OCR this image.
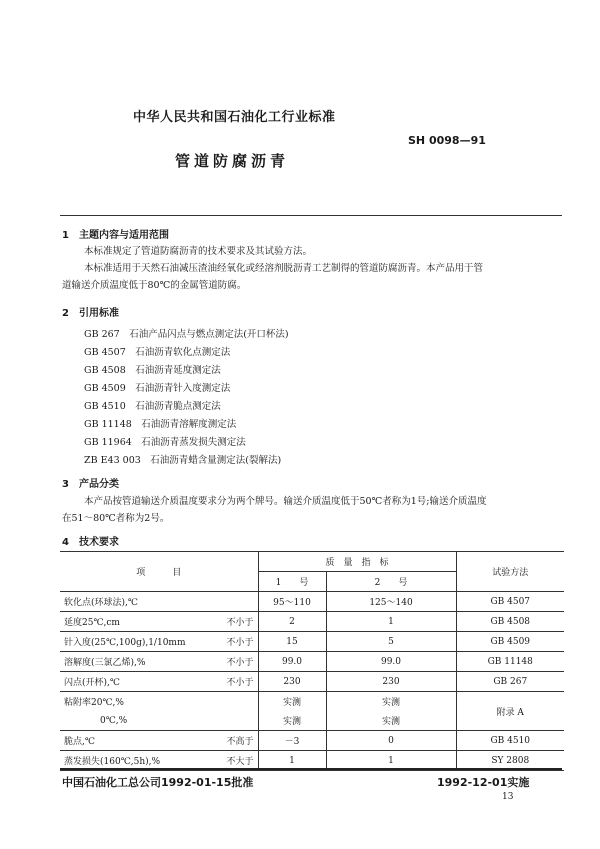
中华人民共和国石油化工行业标准
SH 0098—91
管道防腐沥青
1　主题内容与适用范围
本标准规定了管道防腐沥青的技术要求及其试验方法。
本标准适用于天然石油减压渣油经氧化或经溶剂脱沥青工艺制得的管道防腐沥青。本产品用于管
道输送介质温度低于80℃的金属管道防腐。
2　引用标准
GB 267　石油产品闪点与燃点测定法(开口杯法)
GB 4507　石油沥青软化点测定法
GB 4508　石油沥青延度测定法
GB 4509　石油沥青针入度测定法
GB 4510　石油沥青脆点测定法
GB 11148　石油沥青溶解度测定法
GB 11964　石油沥青蒸发损失测定法
ZB E43 003　石油沥青蜡含量测定法(裂解法)
3　产品分类
本产品按管道输送介质温度要求分为两个牌号。输送介质温度低于50℃者称为1号;输送介质温度
在51～80℃者称为2号。
4　技术要求
项　　　目		质　量　指　标		试验方法
		1　　号	2　　号	
软化点(环球法),℃		95～110	125～140	GB 4507
延度25℃,cm	不小于	2	1	GB 4508
针入度(25℃,100g),1/10mm	不小于	15	5	GB 4509
溶解度(三氯乙烯),%	不小于	99.0	99.0	GB 11148
闪点(开杯),℃	不小于	230	230	GB 267
粘附率20℃,%		实测	实测	附录 A
0℃,%		实测	实测	
脆点,℃	不高于	－3	0	GB 4510
蒸发损失(160℃,5h),%	不大于	1	1	SY 2808
中国石油化工总公司1992-01-15批准	1992-12-01实施
13
